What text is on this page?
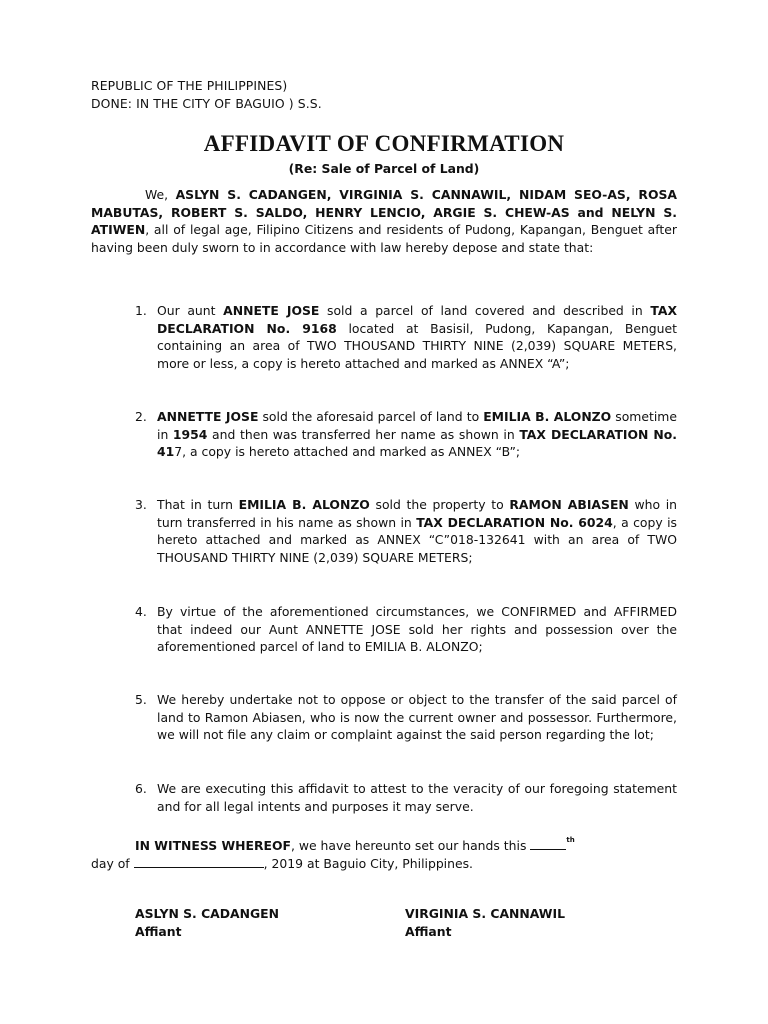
REPUBLIC OF THE PHILIPPINES)
DONE: IN THE CITY OF BAGUIO ) S.S.
AFFIDAVIT OF CONFIRMATION
(Re: Sale of Parcel of Land)
We, ASLYN S. CADANGEN, VIRGINIA S. CANNAWIL, NIDAM SEO-AS, ROSA MABUTAS, ROBERT S. SALDO, HENRY LENCIO, ARGIE S. CHEW-AS and NELYN S. ATIWEN, all of legal age, Filipino Citizens and residents of Pudong, Kapangan, Benguet after having been duly sworn to in accordance with law hereby depose and state that:
1. Our aunt ANNETE JOSE sold a parcel of land covered and described in TAX DECLARATION No. 9168 located at Basisil, Pudong, Kapangan, Benguet containing an area of TWO THOUSAND THIRTY NINE (2,039) SQUARE METERS, more or less, a copy is hereto attached and marked as ANNEX “A”;
2. ANNETTE JOSE sold the aforesaid parcel of land to EMILIA B. ALONZO sometime in 1954 and then was transferred her name as shown in TAX DECLARATION No. 417, a copy is hereto attached and marked as ANNEX “B”;
3. That in turn EMILIA B. ALONZO sold the property to RAMON ABIASEN who in turn transferred in his name as shown in TAX DECLARATION No. 6024, a copy is hereto attached and marked as ANNEX “C”018-132641 with an area of TWO THOUSAND THIRTY NINE (2,039) SQUARE METERS;
4. By virtue of the aforementioned circumstances, we CONFIRMED and AFFIRMED that indeed our Aunt ANNETTE JOSE sold her rights and possession over the aforementioned parcel of land to EMILIA B. ALONZO;
5. We hereby undertake not to oppose or object to the transfer of the said parcel of land to Ramon Abiasen, who is now the current owner and possessor. Furthermore, we will not file any claim or complaint against the said person regarding the lot;
6. We are executing this affidavit to attest to the veracity of our foregoing statement and for all legal intents and purposes it may serve.
IN WITNESS WHEREOF, we have hereunto set our hands this	$^{th}$
day of	, 2019 at Baguio City, Philippines.
ASLYN S. CADANGEN
Affiant
VIRGINIA S. CANNAWIL
Affiant
